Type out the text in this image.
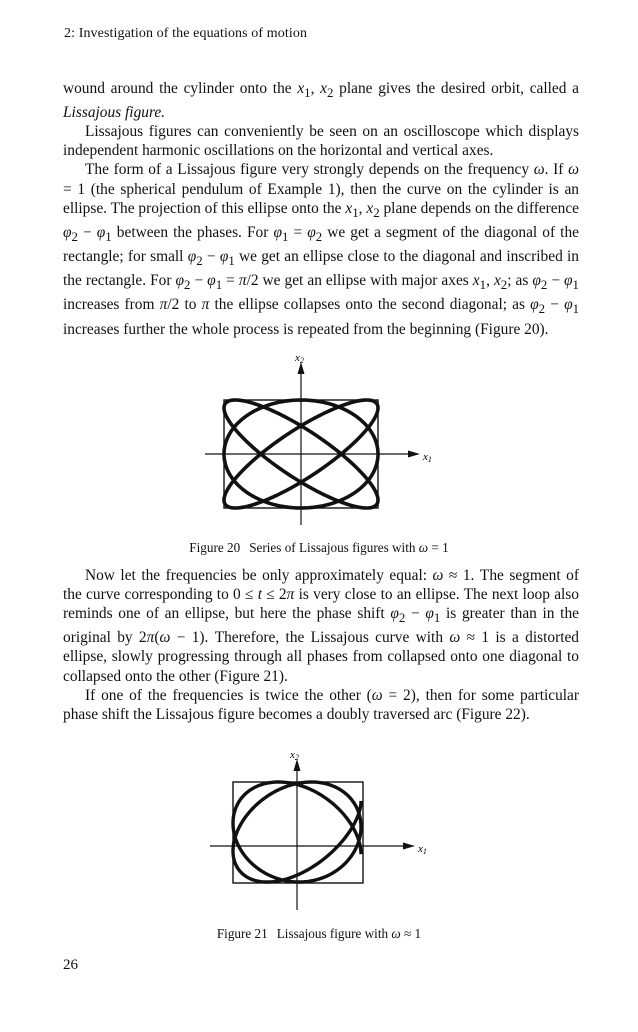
2: Investigation of the equations of motion

wound around the cylinder onto the $x_1$, $x_2$ plane gives the desired orbit, called a Lissajous figure.

Lissajous figures can conveniently be seen on an oscilloscope which displays independent harmonic oscillations on the horizontal and vertical axes.

The form of a Lissajous figure very strongly depends on the frequency ω. If ω = 1 (the spherical pendulum of Example 1), then the curve on the cylinder is an ellipse. The projection of this ellipse onto the $x_1$, $x_2$ plane depends on the difference $\varphi_2 - \varphi_1$ between the phases. For $\varphi_1 = \varphi_2$ we get a segment of the diagonal of the rectangle; for small $\varphi_2 - \varphi_1$ we get an ellipse close to the diagonal and inscribed in the rectangle. For $\varphi_2 - \varphi_1 = \pi/2$ we get an ellipse with major axes $x_1$, $x_2$; as $\varphi_2 - \varphi_1$ increases from π/2 to π the ellipse collapses onto the second diagonal; as $\varphi_2 - \varphi_1$ increases further the whole process is repeated from the beginning (Figure 20).

x1
x2
Figure 20 Series of Lissajous figures with ω = 1

Now let the frequencies be only approximately equal: ω ≈ 1. The segment of the curve corresponding to 0 ≤ t ≤ 2π is very close to an ellipse. The next loop also reminds one of an ellipse, but here the phase shift $\varphi_2 - \varphi_1$ is greater than in the original by 2π(ω − 1). Therefore, the Lissajous curve with ω ≈ 1 is a distorted ellipse, slowly progressing through all phases from collapsed onto one diagonal to collapsed onto the other (Figure 21).

If one of the frequencies is twice the other (ω = 2), then for some particular phase shift the Lissajous figure becomes a doubly traversed arc (Figure 22).

x1
x2
Figure 21 Lissajous figure with ω ≈ 1
26
